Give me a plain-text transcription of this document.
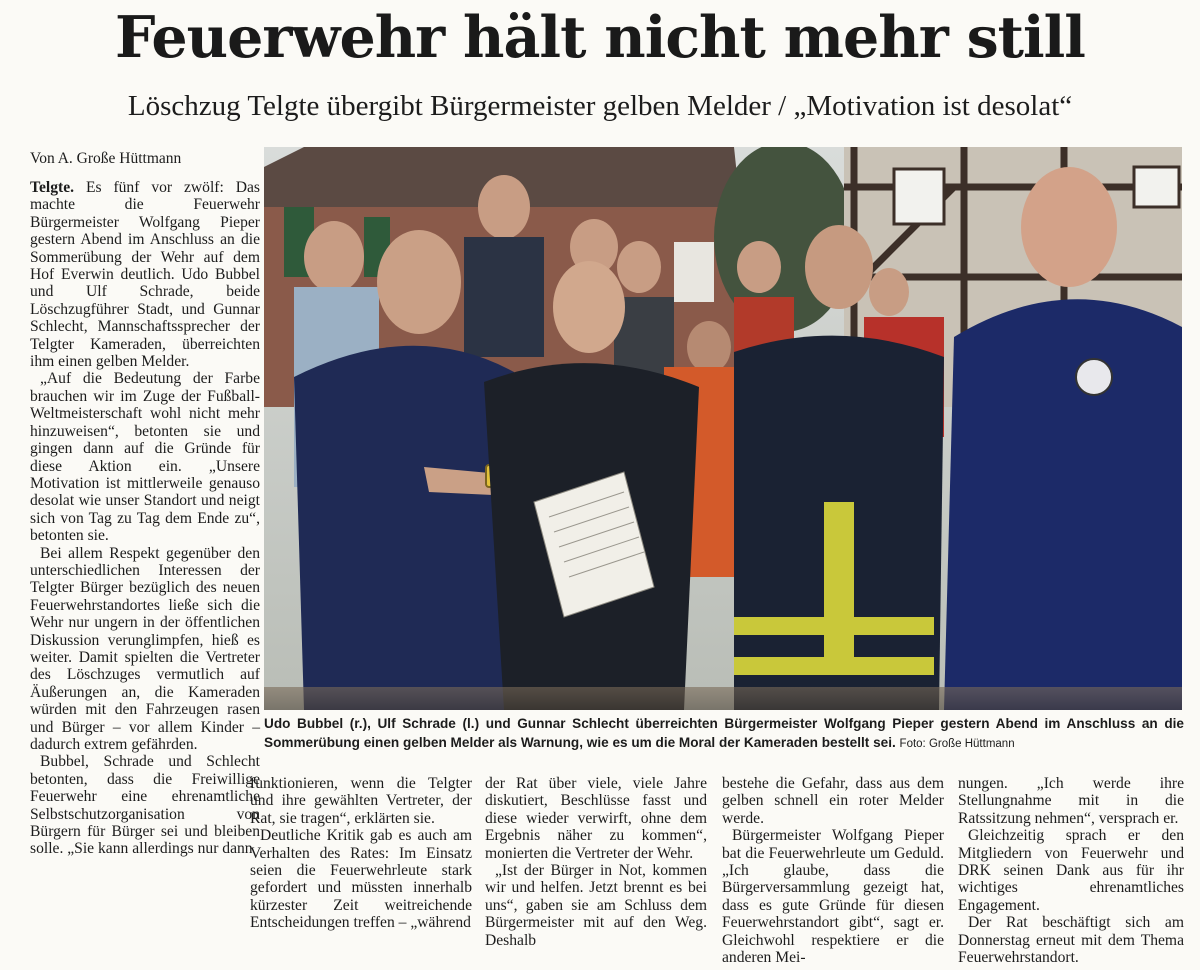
Feuerwehr hält nicht mehr still
Löschzug Telgte übergibt Bürgermeister gelben Melder / „Motivation ist desolat“
Von A. Große Hüttmann

Telgte. Es fünf vor zwölf: Das machte die Feuerwehr Bürgermeister Wolfgang Pieper gestern Abend im Anschluss an die Sommerübung der Wehr auf dem Hof Everwin deutlich. Udo Bubbel und Ulf Schrade, beide Löschzugführer Stadt, und Gunnar Schlecht, Mannschaftssprecher der Telgter Kameraden, überreichten ihm einen gelben Melder.

„Auf die Bedeutung der Farbe brauchen wir im Zuge der Fußball-Weltmeisterschaft wohl nicht mehr hinzuweisen“, betonten sie und gingen dann auf die Gründe für diese Aktion ein. „Unsere Motivation ist mittlerweile genauso desolat wie unser Standort und neigt sich von Tag zu Tag dem Ende zu“, betonten sie.

Bei allem Respekt gegenüber den unterschiedlichen Interessen der Telgter Bürger bezüglich des neuen Feuerwehrstandortes ließe sich die Wehr nur ungern in der öffentlichen Diskussion verunglimpfen, hieß es weiter. Damit spielten die Vertreter des Löschzuges vermutlich auf Äußerungen an, die Kameraden würden mit den Fahrzeugen rasen und Bürger – vor allem Kinder – dadurch extrem gefährden.

Bubbel, Schrade und Schlecht betonten, dass die Freiwillige Feuerwehr eine ehrenamtliche Selbstschutzorganisation von Bürgern für Bürger sei und bleiben solle. „Sie kann allerdings nur dann

Udo Bubbel (r.), Ulf Schrade (l.) und Gunnar Schlecht überreichten Bürgermeister Wolfgang Pieper gestern Abend im Anschluss an die Sommerübung einen gelben Melder als Warnung, wie es um die Moral der Kameraden bestellt sei. Foto: Große Hüttmann

funktionieren, wenn die Telgter und ihre gewählten Vertreter, der Rat, sie tragen“, erklärten sie.

Deutliche Kritik gab es auch am Verhalten des Rates: Im Einsatz seien die Feuerwehrleute stark gefordert und müssten innerhalb kürzester Zeit weitreichende Entscheidungen treffen – „während

der Rat über viele, viele Jahre diskutiert, Beschlüsse fasst und diese wieder verwirft, ohne dem Ergebnis näher zu kommen“, monierten die Vertreter der Wehr.

„Ist der Bürger in Not, kommen wir und helfen. Jetzt brennt es bei uns“, gaben sie am Schluss dem Bürgermeister mit auf den Weg. Deshalb

bestehe die Gefahr, dass aus dem gelben schnell ein roter Melder werde.

Bürgermeister Wolfgang Pieper bat die Feuerwehrleute um Geduld. „Ich glaube, dass die Bürgerversammlung gezeigt hat, dass es gute Gründe für diesen Feuerwehrstandort gibt“, sagt er. Gleichwohl respektiere er die anderen Mei-

nungen. „Ich werde ihre Stellungnahme mit in die Ratssitzung nehmen“, versprach er.

Gleichzeitig sprach er den Mitgliedern von Feuerwehr und DRK seinen Dank aus für ihr wichtiges ehrenamtliches Engagement.

Der Rat beschäftigt sich am Donnerstag erneut mit dem Thema Feuerwehrstandort.
